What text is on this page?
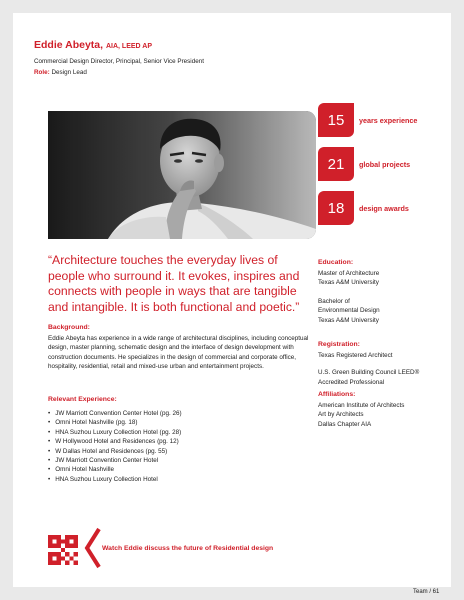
Eddie Abeyta, AIA, LEED AP
Commercial Design Director, Principal, Senior Vice President
Role: Design Lead
15	years experience
21	global projects
18	design awards
“Architecture touches the everyday lives of people who surround it. It evokes, inspires and connects with people in ways that are tangible and intangible. It is both functional and poetic.”
Background:
Eddie Abeyta has experience in a wide range of architectural disciplines, including conceptual design, master planning, schematic design and the interface of design development with construction documents. He specializes in the design of commercial and corporate office, hospitality, residential, retail and mixed-use urban and entertainment projects.
Relevant Experience:
• JW Marriott Convention Center Hotel (pg. 26)
• Omni Hotel Nashville (pg. 18)
• HNA Suzhou Luxury Collection Hotel (pg. 28)
• W Hollywood Hotel and Residences (pg. 12)
• W Dallas Hotel and Residences (pg. 55)
• JW Marriott Convention Center Hotel
• Omni Hotel Nashville
• HNA Suzhou Luxury Collection Hotel
Education:
Master of Architecture
Texas A&M University
Bachelor of
Environmental Design
Texas A&M University
Registration:
Texas Registered Architect
U.S. Green Building Council LEED®
Accredited Professional
Affiliations:
American Institute of Architects
Art by Architects
Dallas Chapter AIA
Watch Eddie discuss the future of Residential design
Team / 61
